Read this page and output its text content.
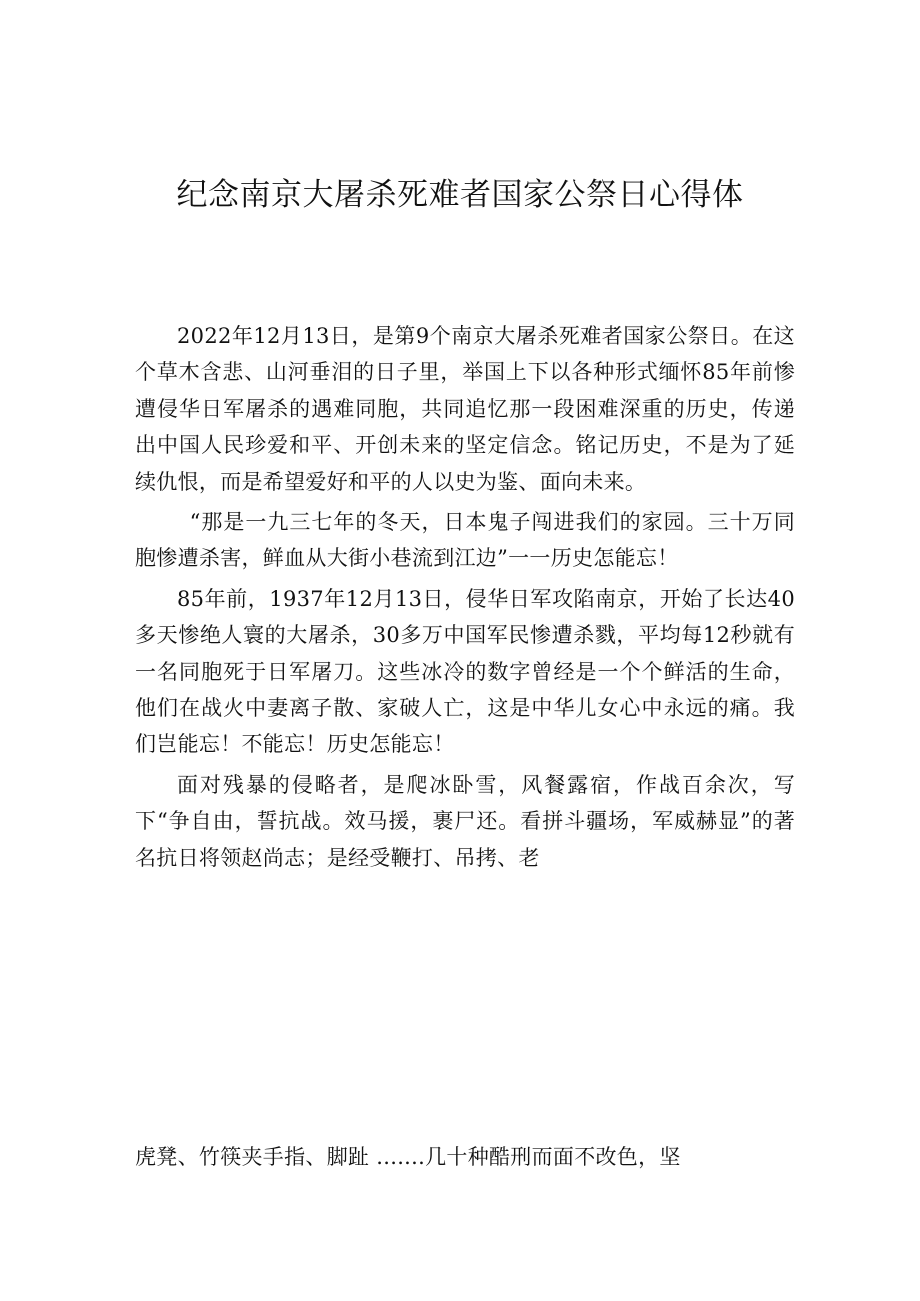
纪念南京大屠杀死难者国家公祭日心得体

2022年12月13日，是第9个南京大屠杀死难者国家公祭日。在这个草木含悲、山河垂泪的日子里，举国上下以各种形式缅怀85年前惨遭侵华日军屠杀的遇难同胞，共同追忆那一段困难深重的历史，传递出中国人民珍爱和平、开创未来的坚定信念。铭记历史，不是为了延续仇恨，而是希望爱好和平的人以史为鉴、面向未来。

“那是一九三七年的冬天，日本鬼子闯进我们的家园。三十万同胞惨遭杀害，鲜血从大街小巷流到江边”一一历史怎能忘！

85年前，1937年12月13日，侵华日军攻陷南京，开始了长达40多天惨绝人寰的大屠杀，30多万中国军民惨遭杀戮，平均每12秒就有一名同胞死于日军屠刀。这些冰冷的数字曾经是一个个鲜活的生命，他们在战火中妻离子散、家破人亡，这是中华儿女心中永远的痛。我们岂能忘！不能忘！历史怎能忘！

面对残暴的侵略者，是爬冰卧雪，风餐露宿，作战百余次，写下“争自由，誓抗战。效马援，裹尸还。看拼斗疆场，军威赫显”的著名抗日将领赵尚志；是经受鞭打、吊拷、老

虎凳、竹筷夹手指、脚趾 .......几十种酷刑而面不改色，坚
